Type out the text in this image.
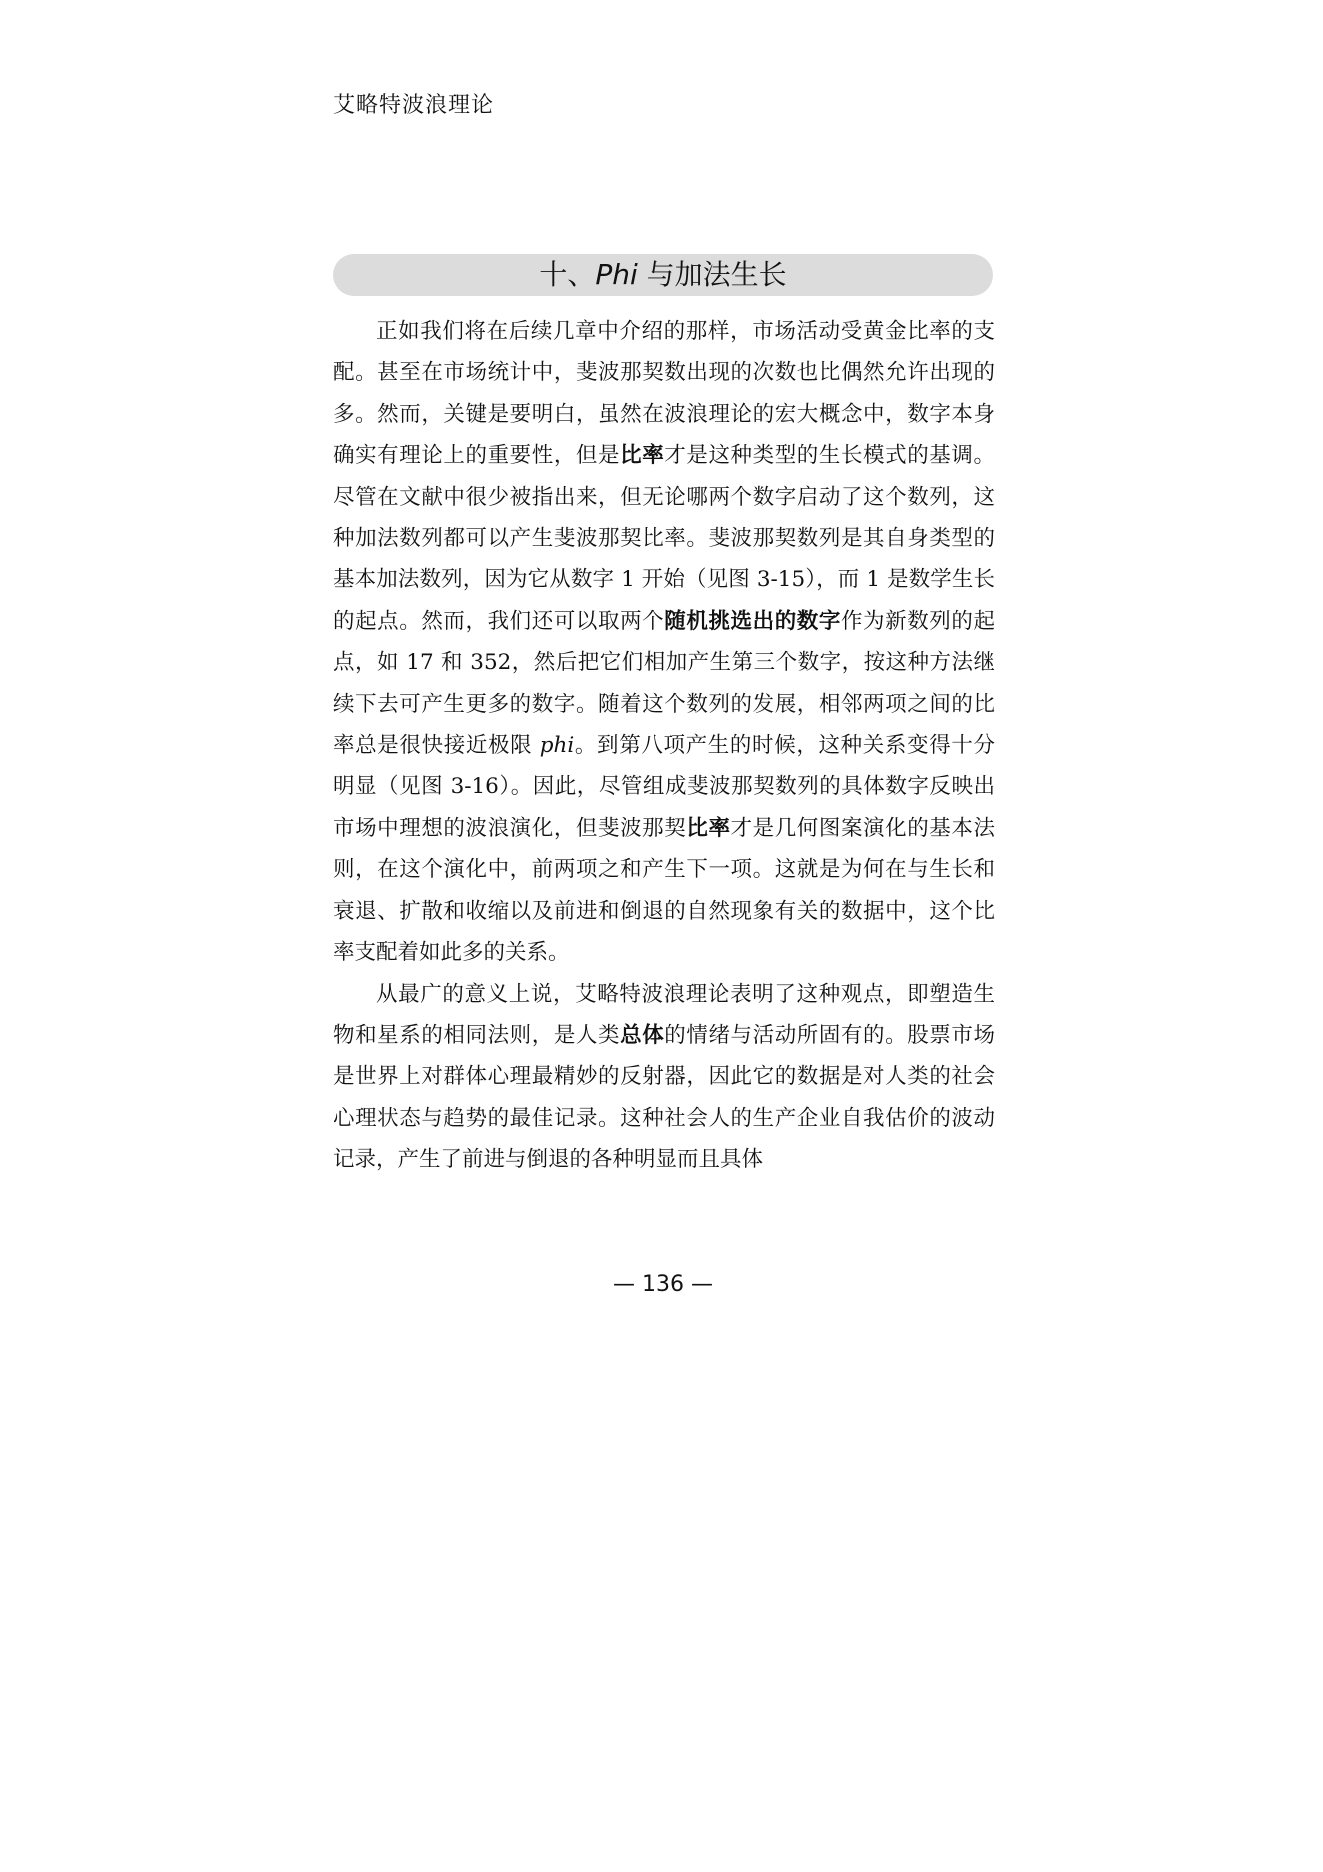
艾略特波浪理论
十、Phi 与加法生长

正如我们将在后续几章中介绍的那样，市场活动受黄金比率的支配。甚至在市场统计中，斐波那契数出现的次数也比偶然允许出现的多。然而，关键是要明白，虽然在波浪理论的宏大概念中，数字本身确实有理论上的重要性，但是比率才是这种类型的生长模式的基调。尽管在文献中很少被指出来，但无论哪两个数字启动了这个数列，这种加法数列都可以产生斐波那契比率。斐波那契数列是其自身类型的基本加法数列，因为它从数字 1 开始（见图 3-15），而 1 是数学生长的起点。然而，我们还可以取两个随机挑选出的数字作为新数列的起点，如 17 和 352，然后把它们相加产生第三个数字，按这种方法继续下去可产生更多的数字。随着这个数列的发展，相邻两项之间的比率总是很快接近极限 phi。到第八项产生的时候，这种关系变得十分明显（见图 3-16）。因此，尽管组成斐波那契数列的具体数字反映出市场中理想的波浪演化，但斐波那契比率才是几何图案演化的基本法则，在这个演化中，前两项之和产生下一项。这就是为何在与生长和衰退、扩散和收缩以及前进和倒退的自然现象有关的数据中，这个比率支配着如此多的关系。

从最广的意义上说，艾略特波浪理论表明了这种观点，即塑造生物和星系的相同法则，是人类总体的情绪与活动所固有的。股票市场是世界上对群体心理最精妙的反射器，因此它的数据是对人类的社会心理状态与趋势的最佳记录。这种社会人的生产企业自我估价的波动记录，产生了前进与倒退的各种明显而且具体

— 136 —
